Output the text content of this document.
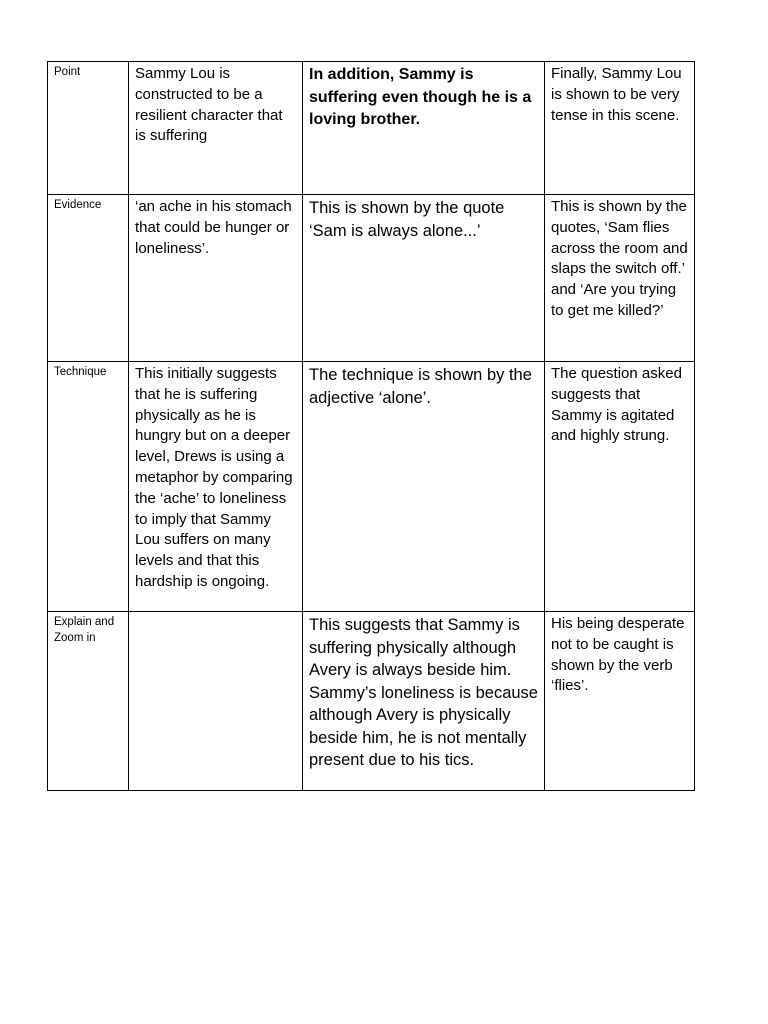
Point	Sammy Lou is constructed to be a resilient character that is suffering	In addition, Sammy is suffering even though he is a loving brother.	Finally, Sammy Lou is shown to be very tense in this scene.
Evidence	‘an ache in his stomach that could be hunger or loneliness’.	This is shown by the quote ‘Sam is always alone...’	This is shown by the quotes, ‘Sam flies across the room and slaps the switch off.’ and ‘Are you trying to get me killed?’
Technique	This initially suggests that he is suffering physically as he is hungry but on a deeper level, Drews is using a metaphor by comparing the ‘ache’ to loneliness to imply that Sammy Lou suffers on many levels and that this hardship is ongoing.	The technique is shown by the adjective ‘alone’.	The question asked suggests that Sammy is agitated and highly strung.
Explain and Zoom in		This suggests that Sammy is suffering physically although Avery is always beside him. Sammy’s loneliness is because although Avery is physically beside him, he is not mentally present due to his tics.	His being desperate not to be caught is shown by the verb ‘flies’.
